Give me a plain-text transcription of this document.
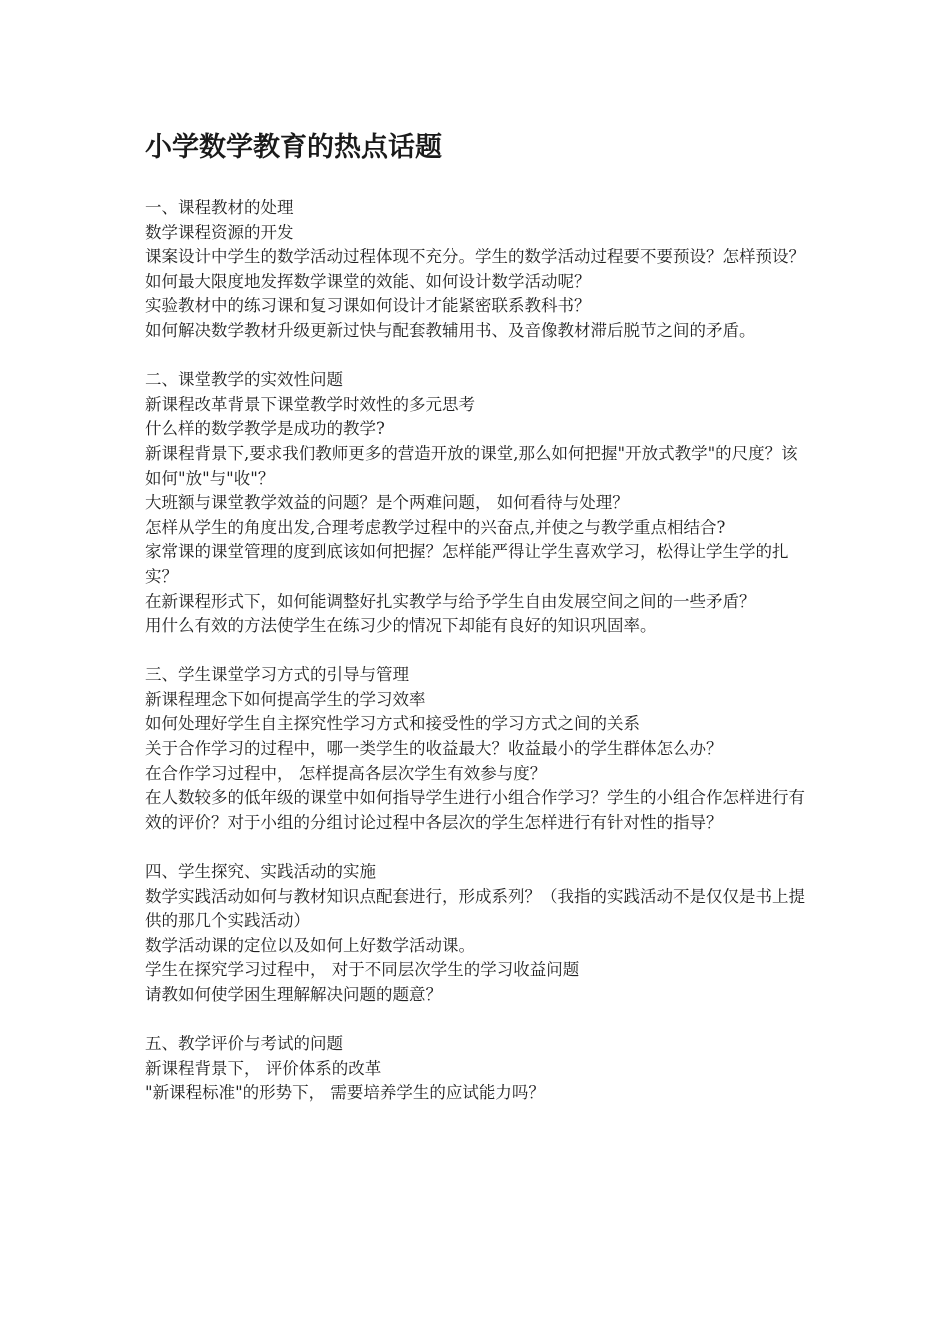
小学数学教育的热点话题

一、课程教材的处理

数学课程资源的开发

课案设计中学生的数学活动过程体现不充分。学生的数学活动过程要不要预设？怎样预设？如何最大限度地发挥数学课堂的效能、如何设计数学活动呢？

实验教材中的练习课和复习课如何设计才能紧密联系教科书？

如何解决数学教材升级更新过快与配套教辅用书、及音像教材滞后脱节之间的矛盾。

二、课堂教学的实效性问题

新课程改革背景下课堂教学时效性的多元思考

什么样的数学教学是成功的教学?

新课程背景下,要求我们教师更多的营造开放的课堂,那么如何把握"开放式教学"的尺度？该如何"放"与"收"？

大班额与课堂教学效益的问题？是个两难问题， 如何看待与处理？

怎样从学生的角度出发,合理考虑教学过程中的兴奋点,并使之与教学重点相结合?

家常课的课堂管理的度到底该如何把握？怎样能严得让学生喜欢学习，松得让学生学的扎实？

在新课程形式下，如何能调整好扎实教学与给予学生自由发展空间之间的一些矛盾？

用什么有效的方法使学生在练习少的情况下却能有良好的知识巩固率。

三、学生课堂学习方式的引导与管理

新课程理念下如何提高学生的学习效率

如何处理好学生自主探究性学习方式和接受性的学习方式之间的关系

关于合作学习的过程中，哪一类学生的收益最大？收益最小的学生群体怎么办？

在合作学习过程中， 怎样提高各层次学生有效参与度？

在人数较多的低年级的课堂中如何指导学生进行小组合作学习？学生的小组合作怎样进行有效的评价？对于小组的分组讨论过程中各层次的学生怎样进行有针对性的指导？

四、学生探究、实践活动的实施

数学实践活动如何与教材知识点配套进行，形成系列？（我指的实践活动不是仅仅是书上提供的那几个实践活动）

数学活动课的定位以及如何上好数学活动课。

学生在探究学习过程中， 对于不同层次学生的学习收益问题

请教如何使学困生理解解决问题的题意？

五、教学评价与考试的问题

新课程背景下， 评价体系的改革

"新课程标准"的形势下， 需要培养学生的应试能力吗？
